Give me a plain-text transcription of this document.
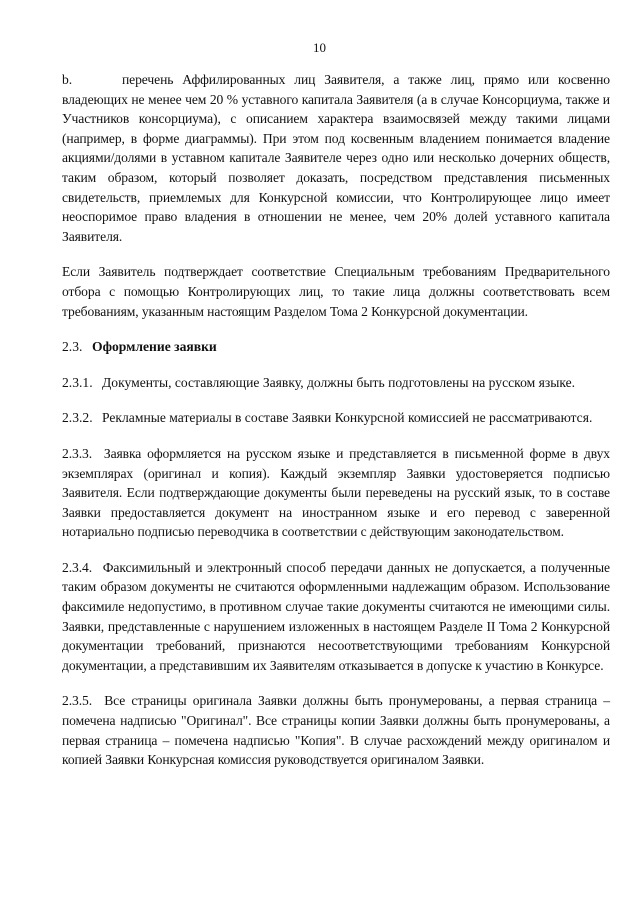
10

b.	перечень Аффилированных лиц Заявителя, а также лиц, прямо или косвенно владеющих не менее чем 20 % уставного капитала Заявителя (а в случае Консорциума, также и Участников консорциума), с описанием характера взаимосвязей между такими лицами (например, в форме диаграммы). При этом под косвенным владением понимается владение акциями/долями в уставном капитале Заявителе через одно или несколько дочерних обществ, таким образом, который позволяет доказать, посредством представления письменных свидетельств, приемлемых для Конкурсной комиссии, что Контролирующее лицо имеет неоспоримое право владения в отношении не менее, чем 20% долей уставного капитала Заявителя.

Если Заявитель подтверждает соответствие Специальным требованиям Предварительного отбора с помощью Контролирующих лиц, то такие лица должны соответствовать всем требованиям, указанным настоящим Разделом Тома 2 Конкурсной документации.

2.3. Оформление заявки

2.3.1. Документы, составляющие Заявку, должны быть подготовлены на русском языке.

2.3.2. Рекламные материалы в составе Заявки Конкурсной комиссией не рассматриваются.

2.3.3. Заявка оформляется на русском языке и представляется в письменной форме в двух экземплярах (оригинал и копия). Каждый экземпляр Заявки удостоверяется подписью Заявителя. Если подтверждающие документы были переведены на русский язык, то в составе Заявки предоставляется документ на иностранном языке и его перевод с заверенной нотариально подписью переводчика в соответствии с действующим законодательством.

2.3.4. Факсимильный и электронный способ передачи данных не допускается, а полученные таким образом документы не считаются оформленными надлежащим образом. Использование факсимиле недопустимо, в противном случае такие документы считаются не имеющими силы. Заявки, представленные с нарушением изложенных в настоящем Разделе II Тома 2 Конкурсной документации требований, признаются несоответствующими требованиям Конкурсной документации, а представившим их Заявителям отказывается в допуске к участию в Конкурсе.

2.3.5. Все страницы оригинала Заявки должны быть пронумерованы, а первая страница – помечена надписью "Оригинал". Все страницы копии Заявки должны быть пронумерованы, а первая страница – помечена надписью "Копия". В случае расхождений между оригиналом и копией Заявки Конкурсная комиссия руководствуется оригиналом Заявки.
